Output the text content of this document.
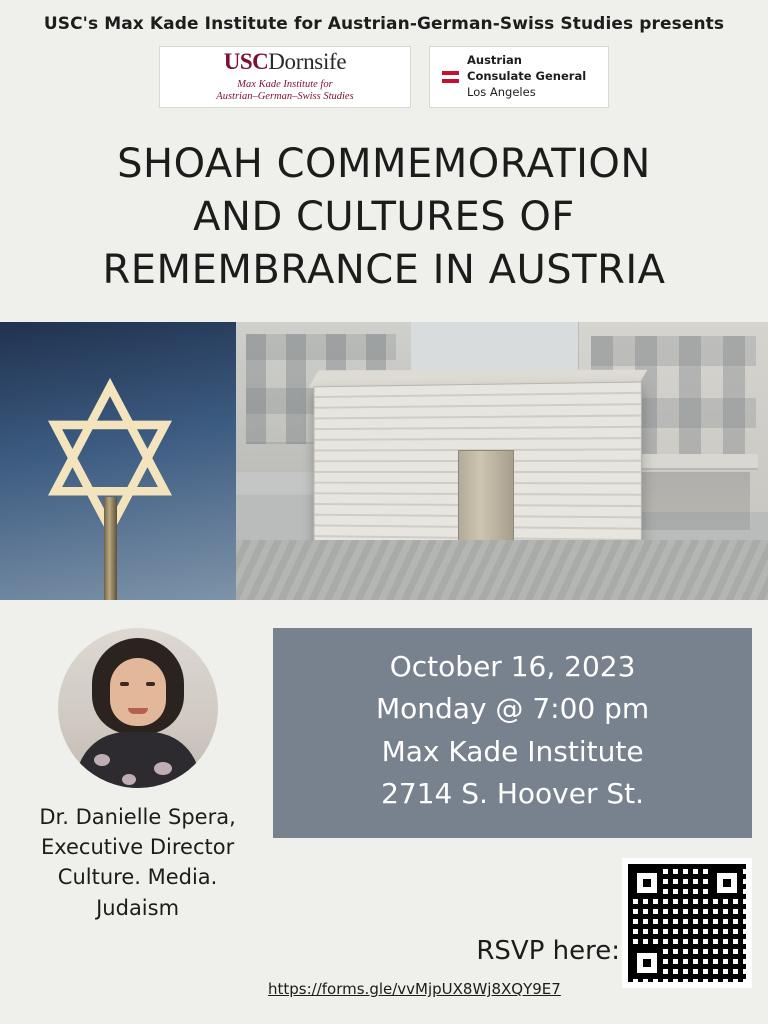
USC's Max Kade Institute for Austrian-German-Swiss Studies presents
USCDornsife
Max Kade Institute for
Austrian–German–Swiss Studies
Austrian
Consulate General
Los Angeles
SHOAH COMMEMORATION
AND CULTURES OF
REMEMBRANCE IN AUSTRIA
Dr. Danielle Spera,
Executive Director
Culture. Media. Judaism
October 16, 2023
Monday @ 7:00 pm
Max Kade Institute
2714 S. Hoover St.
RSVP here:
https://forms.gle/vvMjpUX8Wj8XQY9E7
